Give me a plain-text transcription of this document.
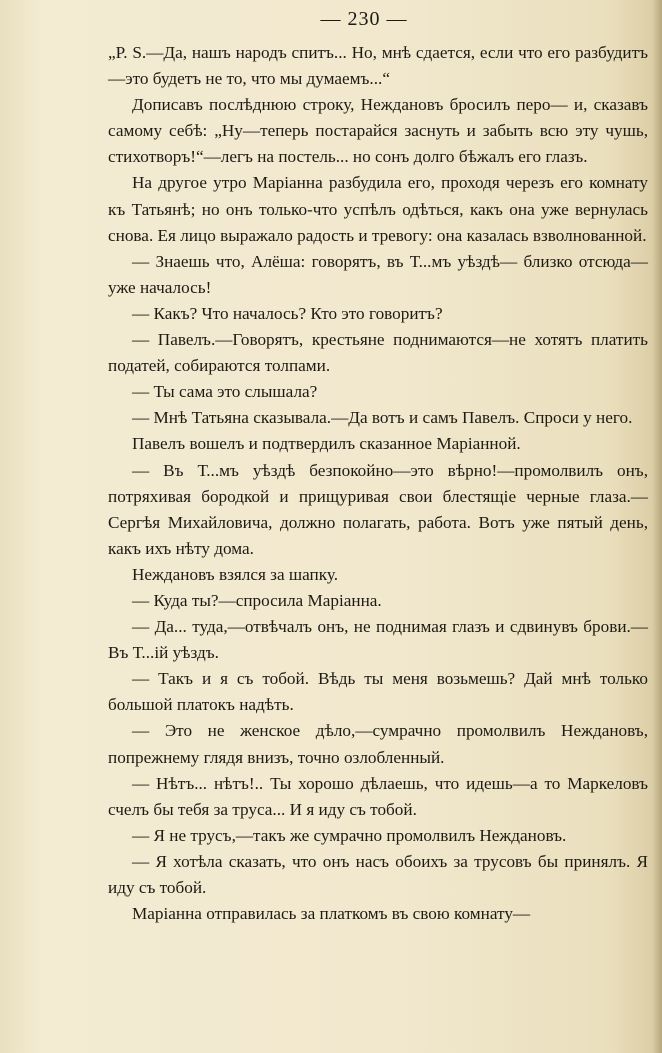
— 230 —

„P. S.—Да, нашъ народъ спитъ... Но, мнѣ сдается, если что его разбудитъ—это будетъ не то, что мы думаемъ...“

Дописавъ послѣднюю строку, Неждановъ бросилъ перо— и, сказавъ самому себѣ: „Ну—теперь постарайся заснуть и забыть всю эту чушь, стихотворъ!“—легъ на постель... но сонъ долго бѣжалъ его глазъ.

На другое утро Маріанна разбудила его, проходя черезъ его комнату къ Татьянѣ; но онъ только-что успѣлъ одѣться, какъ она уже вернулась снова. Ея лицо выражало радость и тревогу: она казалась взволнованной.

— Знаешь что, Алёша: говорятъ, въ Т...мъ уѣздѣ— близко отсюда—уже началось!

— Какъ? Что началось? Кто это говоритъ?

— Павелъ.—Говорятъ, крестьяне поднимаются—не хотятъ платить податей, собираются толпами.

— Ты сама это слышала?

— Мнѣ Татьяна сказывала.—Да вотъ и самъ Павелъ. Спроси у него.

Павелъ вошелъ и подтвердилъ сказанное Маріанной.

— Въ Т...мъ уѣздѣ безпокойно—это вѣрно!—промолвилъ онъ, потряхивая бородкой и прищуривая свои блестящіе черные глаза.—Сергѣя Михайловича, должно полагать, работа. Вотъ уже пятый день, какъ ихъ нѣту дома.

Неждановъ взялся за шапку.

— Куда ты?—спросила Маріанна.

— Да... туда,—отвѣчалъ онъ, не поднимая глазъ и сдвинувъ брови.—Въ Т...ій уѣздъ.

— Такъ и я съ тобой. Вѣдь ты меня возьмешь? Дай мнѣ только большой платокъ надѣть.

— Это не женское дѣло,—сумрачно промолвилъ Неждановъ, попрежнему глядя внизъ, точно озлобленный.

— Нѣтъ... нѣтъ!.. Ты хорошо дѣлаешь, что идешь—а то Маркеловъ счелъ бы тебя за труса... И я иду съ тобой.

— Я не трусъ,—такъ же сумрачно промолвилъ Неждановъ.

— Я хотѣла сказать, что онъ насъ обоихъ за трусовъ бы принялъ. Я иду съ тобой.

Маріанна отправилась за платкомъ въ свою комнату—
